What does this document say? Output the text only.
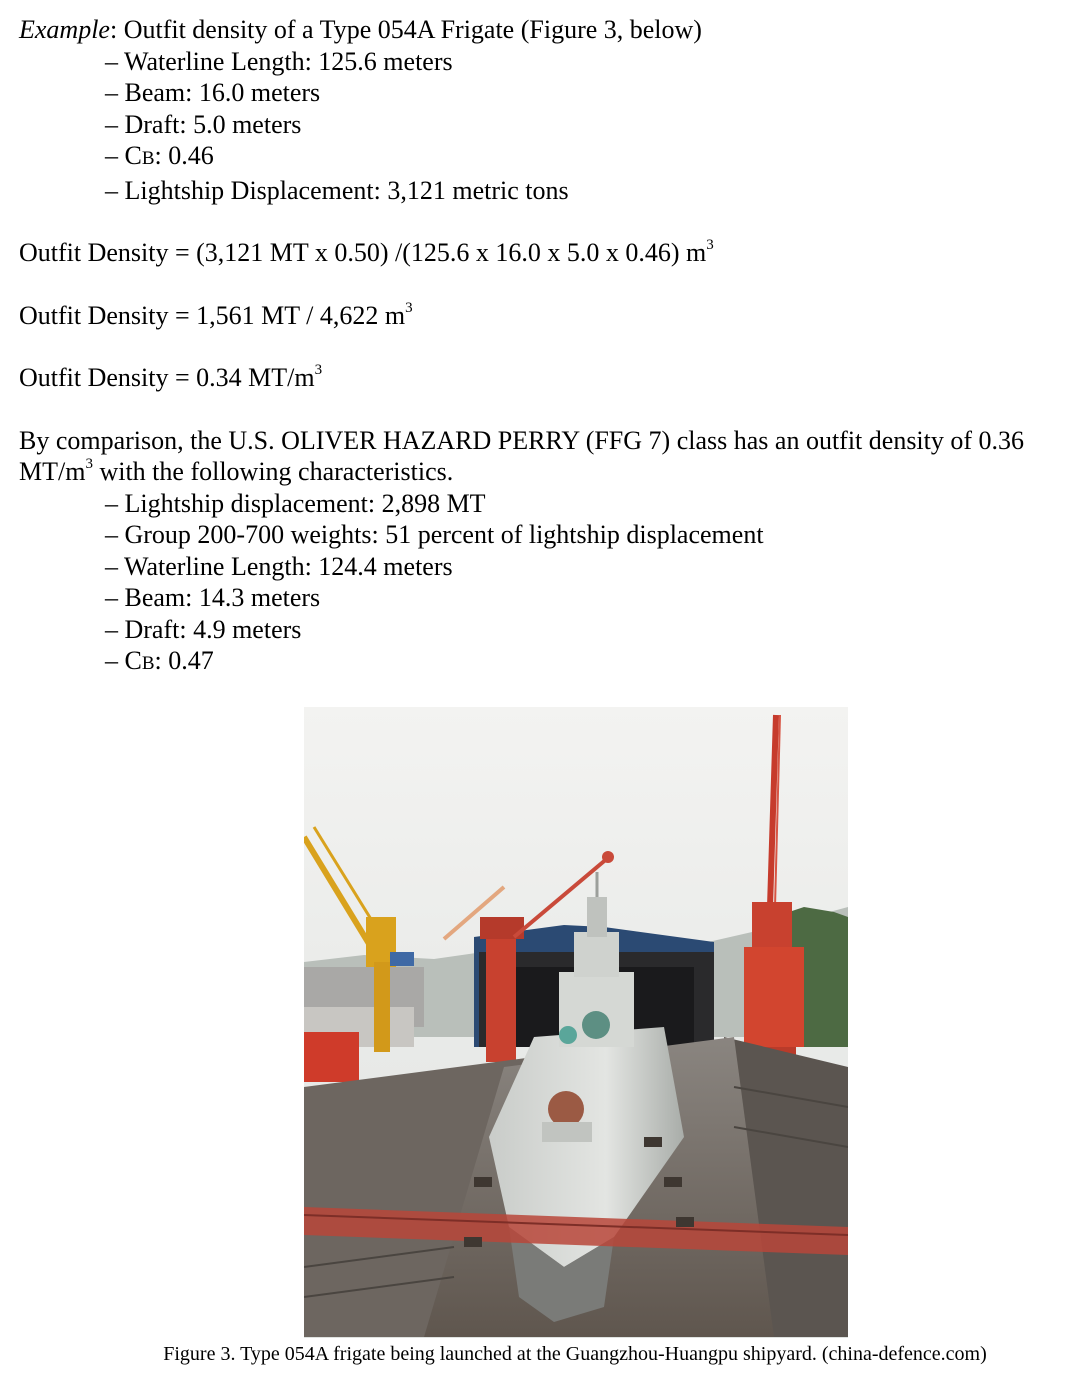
Example: Outfit density of a Type 054A Frigate (Figure 3, below)

– Waterline Length: 125.6 meters

– Beam: 16.0 meters

– Draft: 5.0 meters

– CB: 0.46

– Lightship Displacement: 3,121 metric tons

Outfit Density = (3,121 MT x 0.50) /(125.6 x 16.0 x 5.0 x 0.46) $m^3$

Outfit Density = 1,561 MT / 4,622 $m^3$

Outfit Density = 0.34 $MT/m^3$

By comparison, the U.S. OLIVER HAZARD PERRY (FFG 7) class has an outfit density of 0.36

$MT/m^3$ with the following characteristics.

– Lightship displacement: 2,898 MT

– Group 200-700 weights: 51 percent of lightship displacement

– Waterline Length: 124.4 meters

– Beam: 14.3 meters

– Draft: 4.9 meters

– CB: 0.47

Figure 3. Type 054A frigate being launched at the Guangzhou-Huangpu shipyard. (china-defence.com)
